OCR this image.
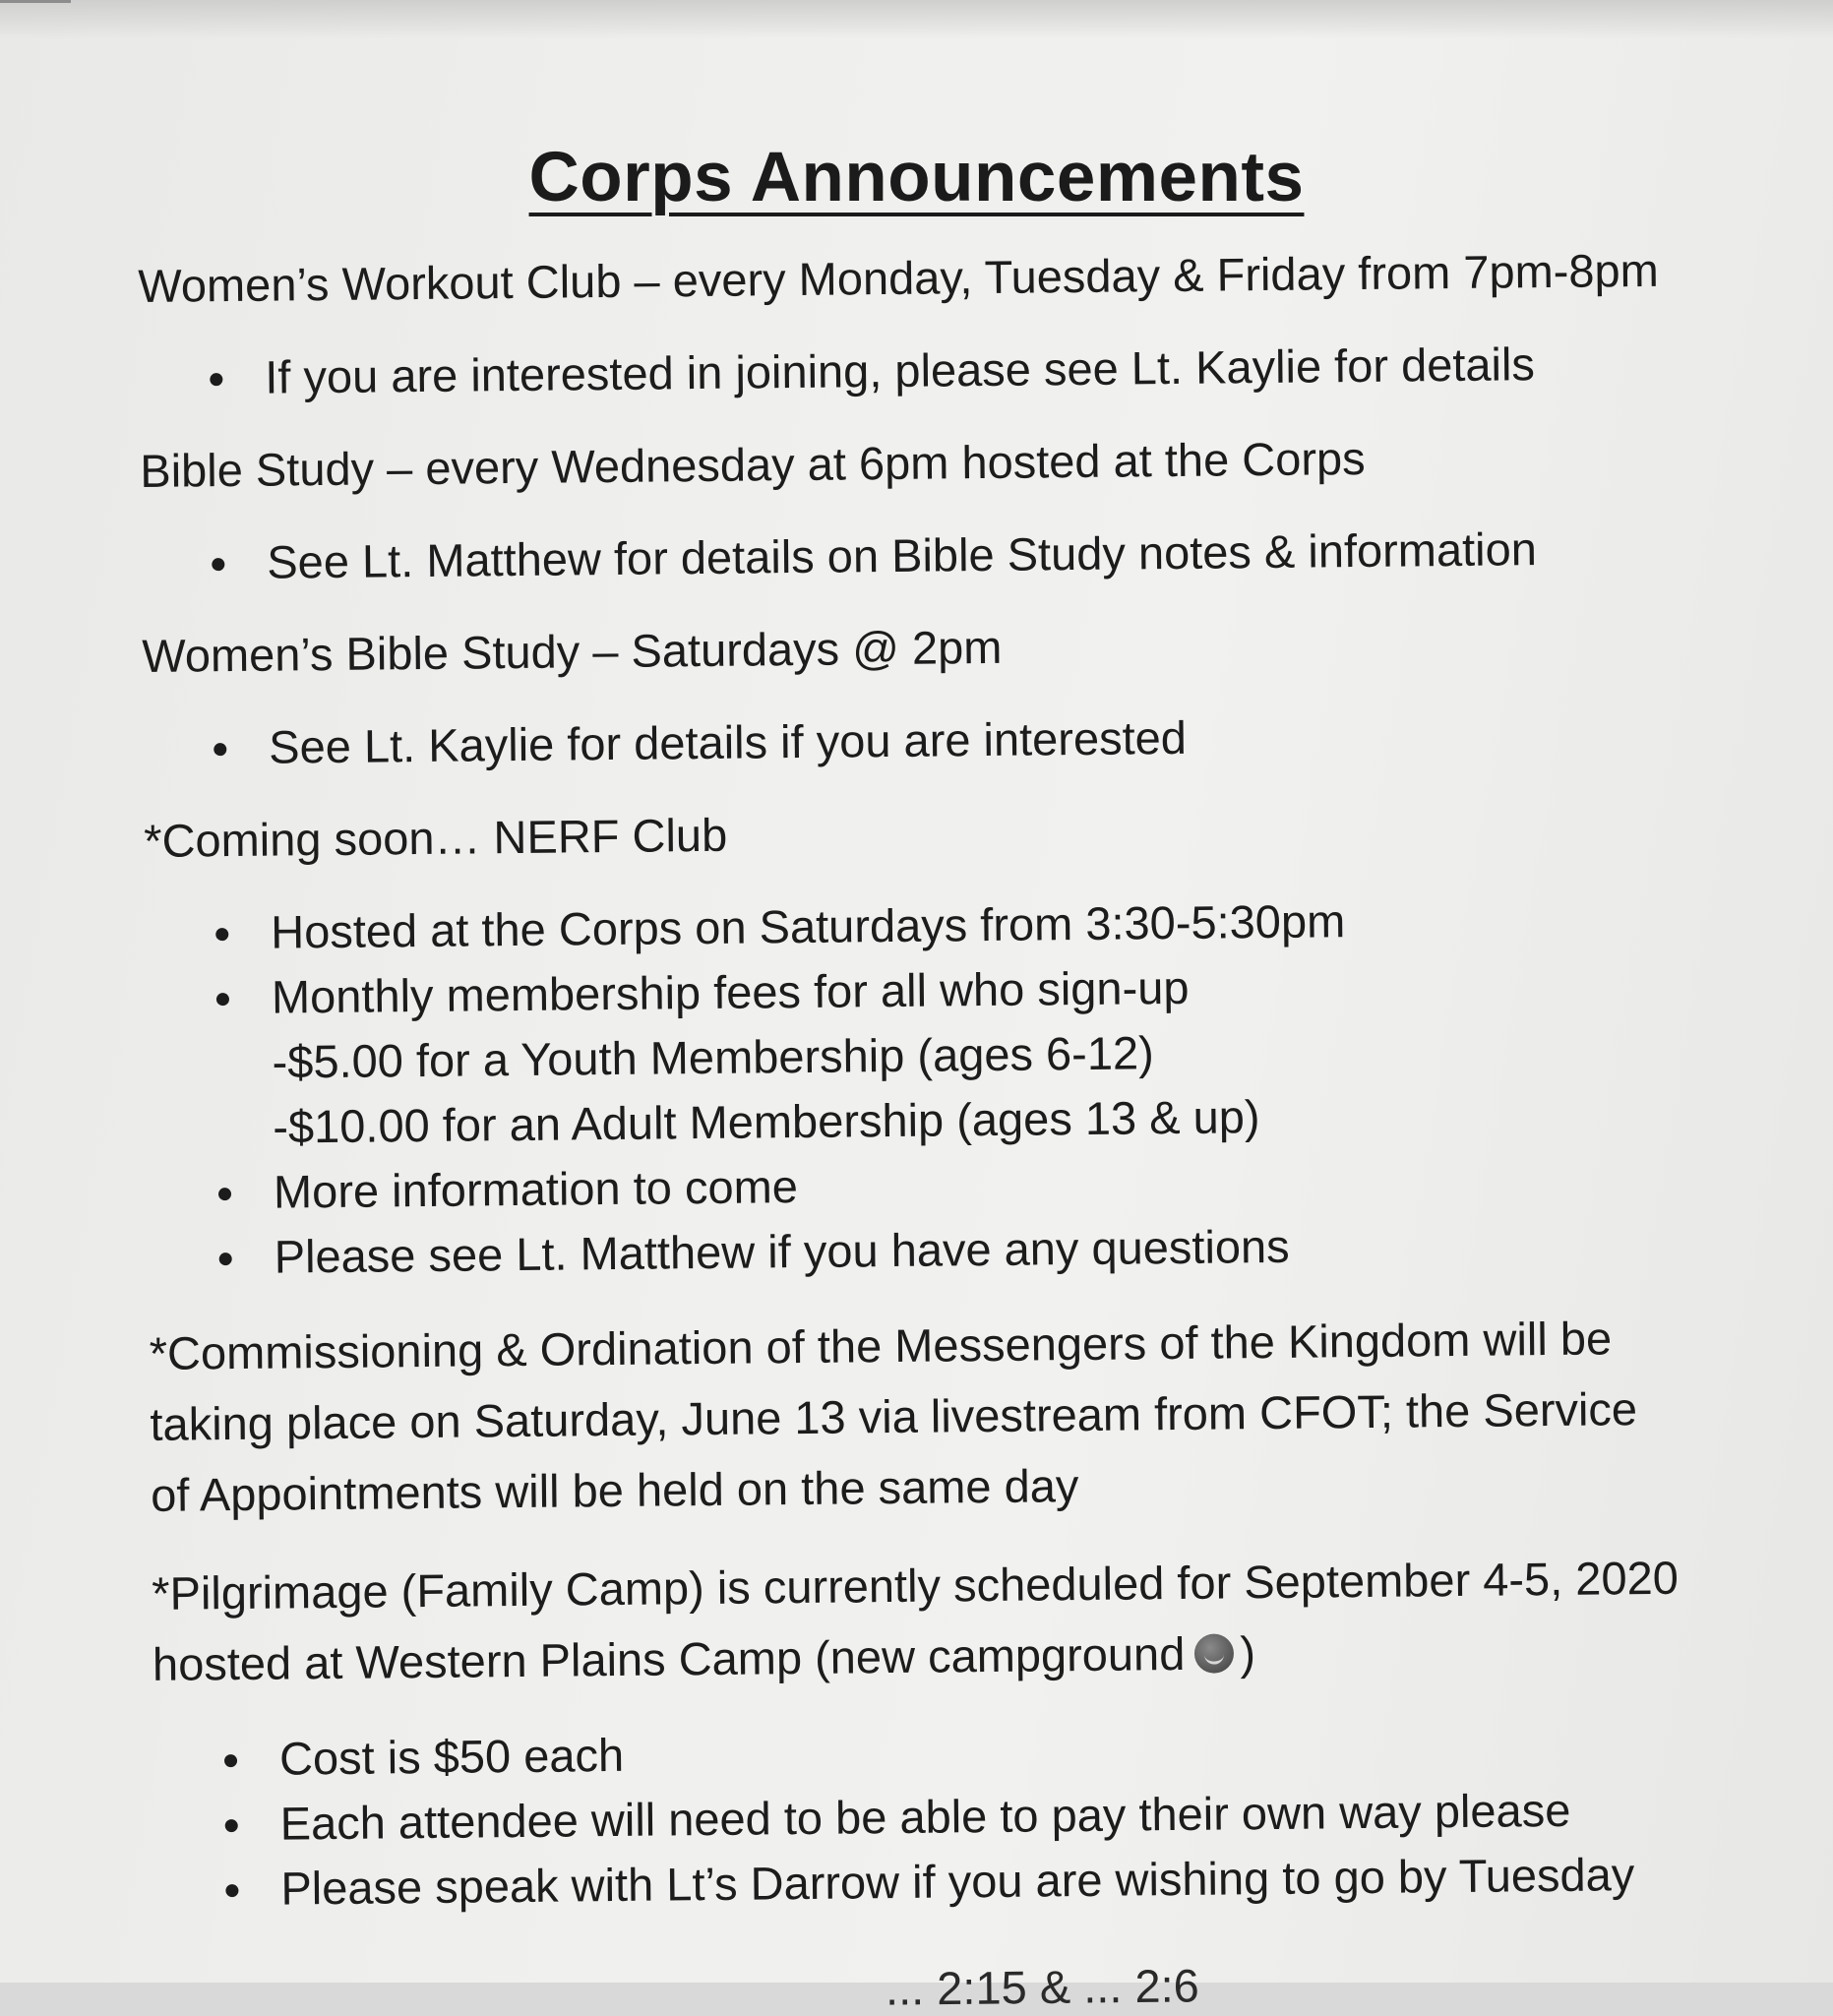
Corps Announcements
Women’s Workout Club – every Monday, Tuesday & Friday from 7pm-8pm
If you are interested in joining, please see Lt. Kaylie for details
Bible Study – every Wednesday at 6pm hosted at the Corps
See Lt. Matthew for details on Bible Study notes & information
Women’s Bible Study – Saturdays @ 2pm
See Lt. Kaylie for details if you are interested
*Coming soon… NERF Club
Hosted at the Corps on Saturdays from 3:30-5:30pm
Monthly membership fees for all who sign-up
-$5.00 for a Youth Membership (ages 6-12)
-$10.00 for an Adult Membership (ages 13 & up)
More information to come
Please see Lt. Matthew if you have any questions
*Commissioning & Ordination of the Messengers of the Kingdom will be
taking place on Saturday, June 13 via livestream from CFOT; the Service
of Appointments will be held on the same day
*Pilgrimage (Family Camp) is currently scheduled for September 4-5, 2020
hosted at Western Plains Camp (new campground )
Cost is $50 each
Each attendee will need to be able to pay their own way please
Please speak with Lt’s Darrow if you are wishing to go by Tuesday
... 2:15 & ... 2:6
